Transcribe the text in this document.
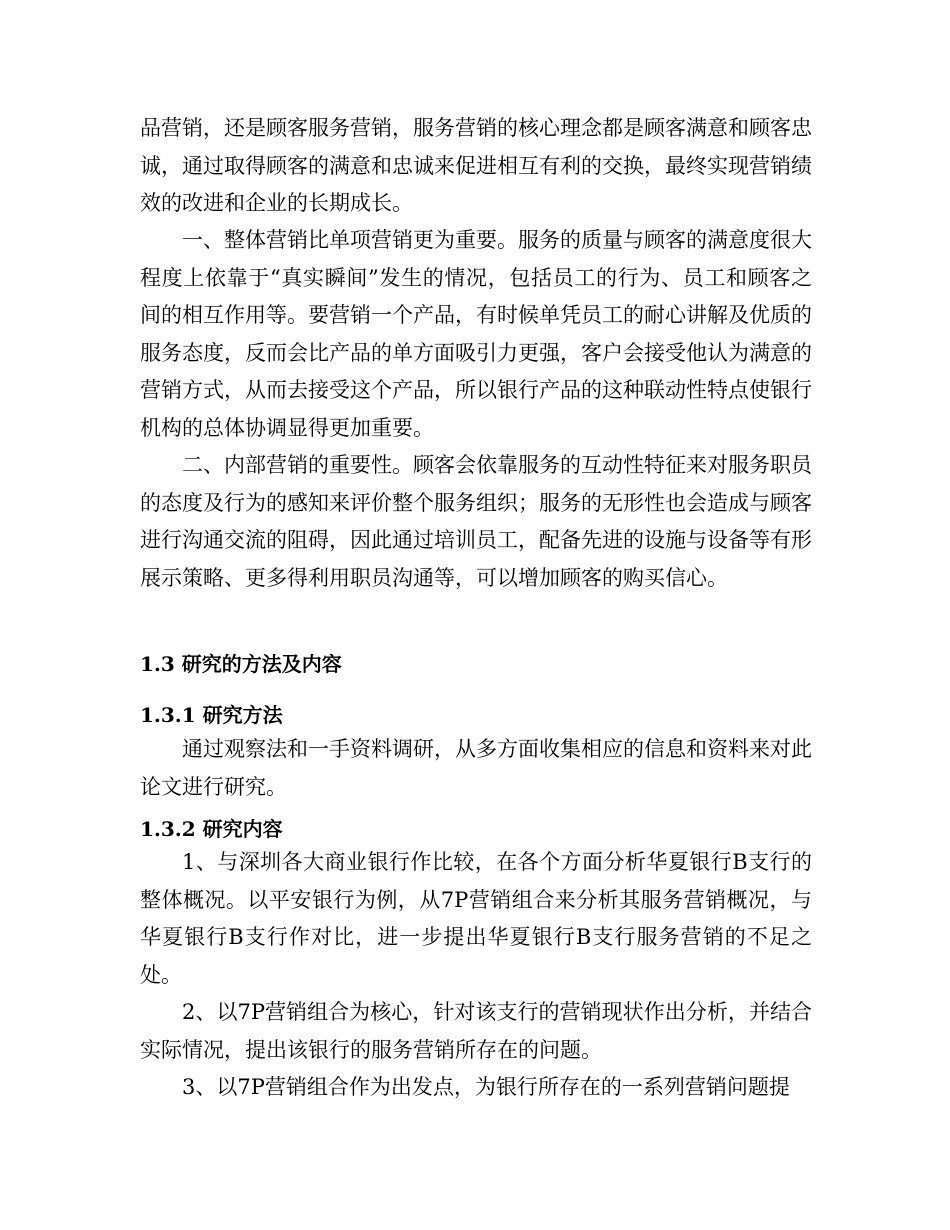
品营销，还是顾客服务营销，服务营销的核心理念都是顾客满意和顾客忠诚，通过取得顾客的满意和忠诚来促进相互有利的交换，最终实现营销绩效的改进和企业的长期成长。

一、整体营销比单项营销更为重要。服务的质量与顾客的满意度很大程度上依靠于“真实瞬间”发生的情况，包括员工的行为、员工和顾客之间的相互作用等。要营销一个产品，有时候单凭员工的耐心讲解及优质的服务态度，反而会比产品的单方面吸引力更强，客户会接受他认为满意的营销方式，从而去接受这个产品，所以银行产品的这种联动性特点使银行机构的总体协调显得更加重要。

二、内部营销的重要性。顾客会依靠服务的互动性特征来对服务职员的态度及行为的感知来评价整个服务组织；服务的无形性也会造成与顾客进行沟通交流的阻碍，因此通过培训员工，配备先进的设施与设备等有形展示策略、更多得利用职员沟通等，可以增加顾客的购买信心。

1.3 研究的方法及内容
1.3.1 研究方法

通过观察法和一手资料调研，从多方面收集相应的信息和资料来对此论文进行研究。

1.3.2 研究内容

1、与深圳各大商业银行作比较，在各个方面分析华夏银行B支行的整体概况。以平安银行为例，从7P营销组合来分析其服务营销概况，与华夏银行B支行作对比，进一步提出华夏银行B支行服务营销的不足之处。

2、以7P营销组合为核心，针对该支行的营销现状作出分析，并结合实际情况，提出该银行的服务营销所存在的问题。

3、以7P营销组合作为出发点，为银行所存在的一系列营销问题提
